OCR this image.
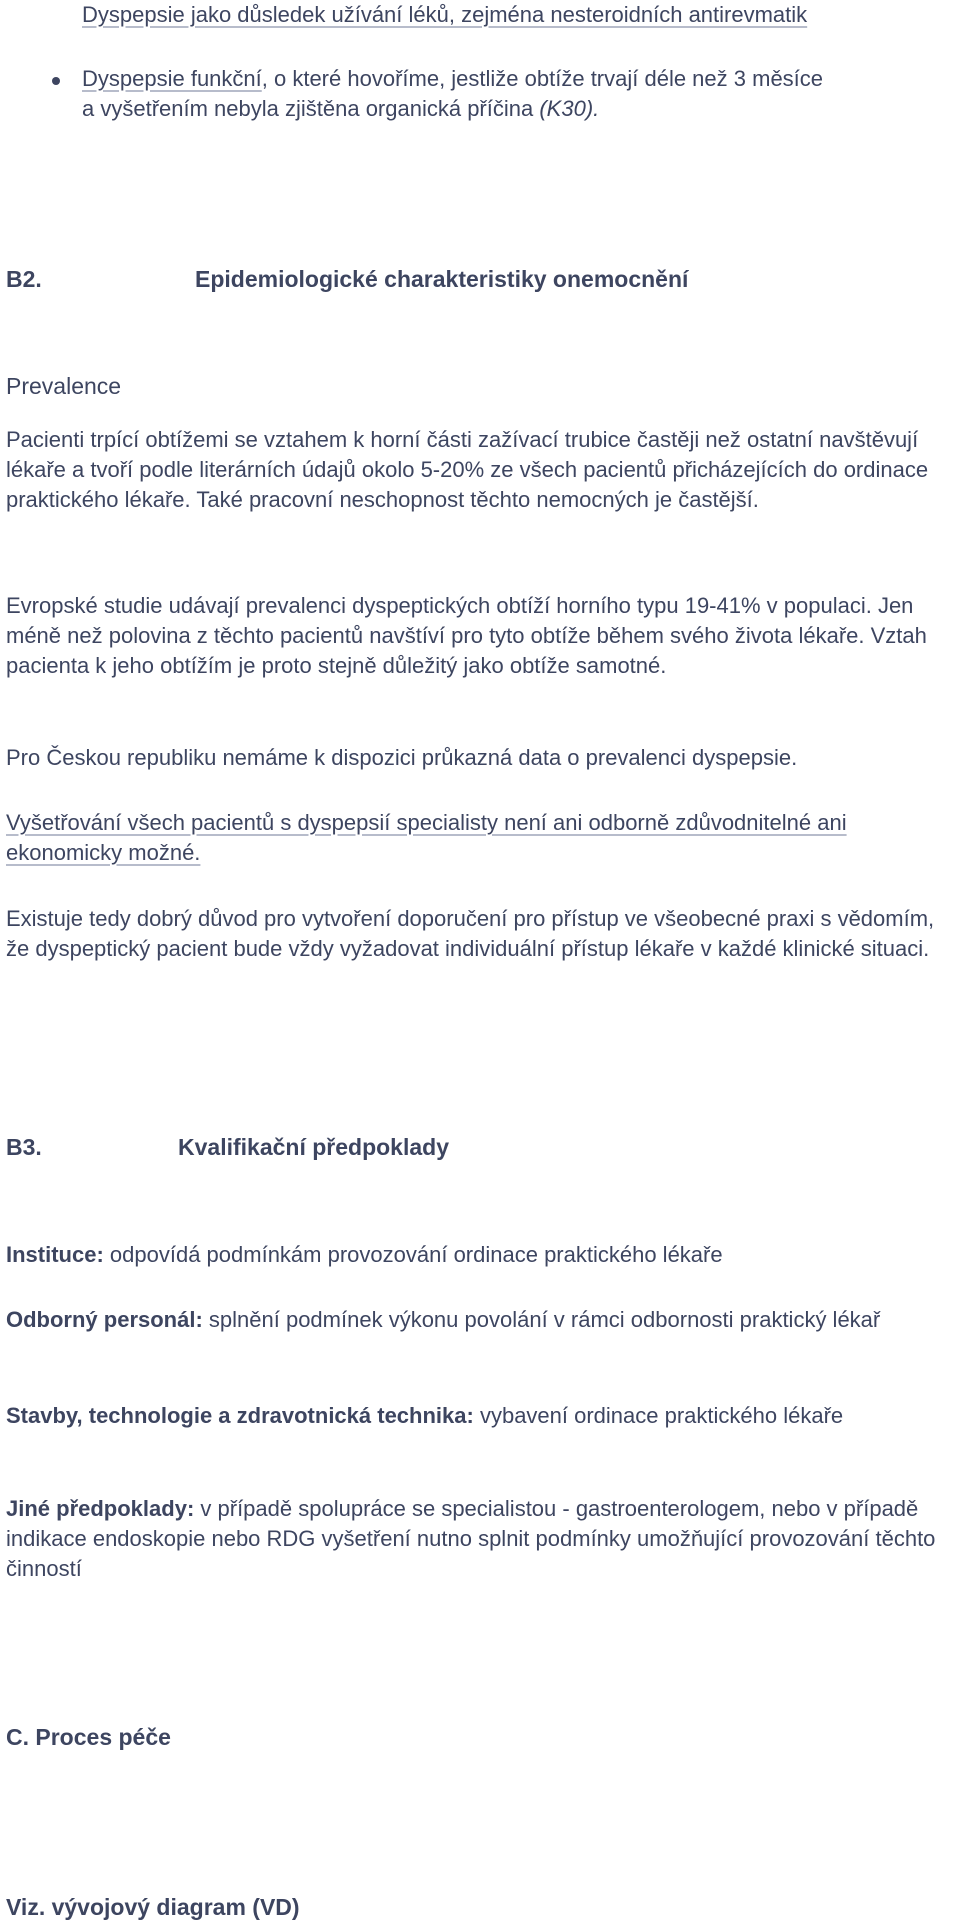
Dyspepsie jako důsledek užívání léků, zejména nesteroidních antirevmatik

Dyspepsie funkční, o které hovoříme, jestliže obtíže trvají déle než 3 měsíce
a vyšetřením nebyla zjištěna organická příčina (K30).

B2.	Epidemiologické charakteristiky onemocnění

Prevalence

Pacienti trpící obtížemi se vztahem k horní části zažívací trubice častěji než ostatní navštěvují lékaře a tvoří podle literárních údajů okolo 5-20% ze všech pacientů přicházejících do ordinace praktického lékaře. Také pracovní neschopnost těchto nemocných je častější.

Evropské studie udávají prevalenci dyspeptických obtíží horního typu 19-41% v populaci. Jen méně než polovina z těchto pacientů navštíví pro tyto obtíže během svého života lékaře. Vztah pacienta k jeho obtížím je proto stejně důležitý jako obtíže samotné.

Pro Českou republiku nemáme k dispozici průkazná data o prevalenci dyspepsie.

Vyšetřování všech pacientů s dyspepsií specialisty není ani odborně zdůvodnitelné ani ekonomicky možné.

Existuje tedy dobrý důvod pro vytvoření doporučení pro přístup ve všeobecné praxi s vědomím, že dyspeptický pacient bude vždy vyžadovat individuální přístup lékaře v každé klinické situaci.

B3.	Kvalifikační předpoklady

Instituce: odpovídá podmínkám provozování ordinace praktického lékaře

Odborný personál: splnění podmínek výkonu povolání v rámci odbornosti praktický lékař

Stavby, technologie a zdravotnická technika: vybavení ordinace praktického lékaře

Jiné předpoklady: v případě spolupráce se specialistou - gastroenterologem, nebo v případě indikace endoskopie nebo RDG vyšetření nutno splnit podmínky umožňující provozování těchto činností

C. Proces péče

Viz. vývojový diagram (VD)
